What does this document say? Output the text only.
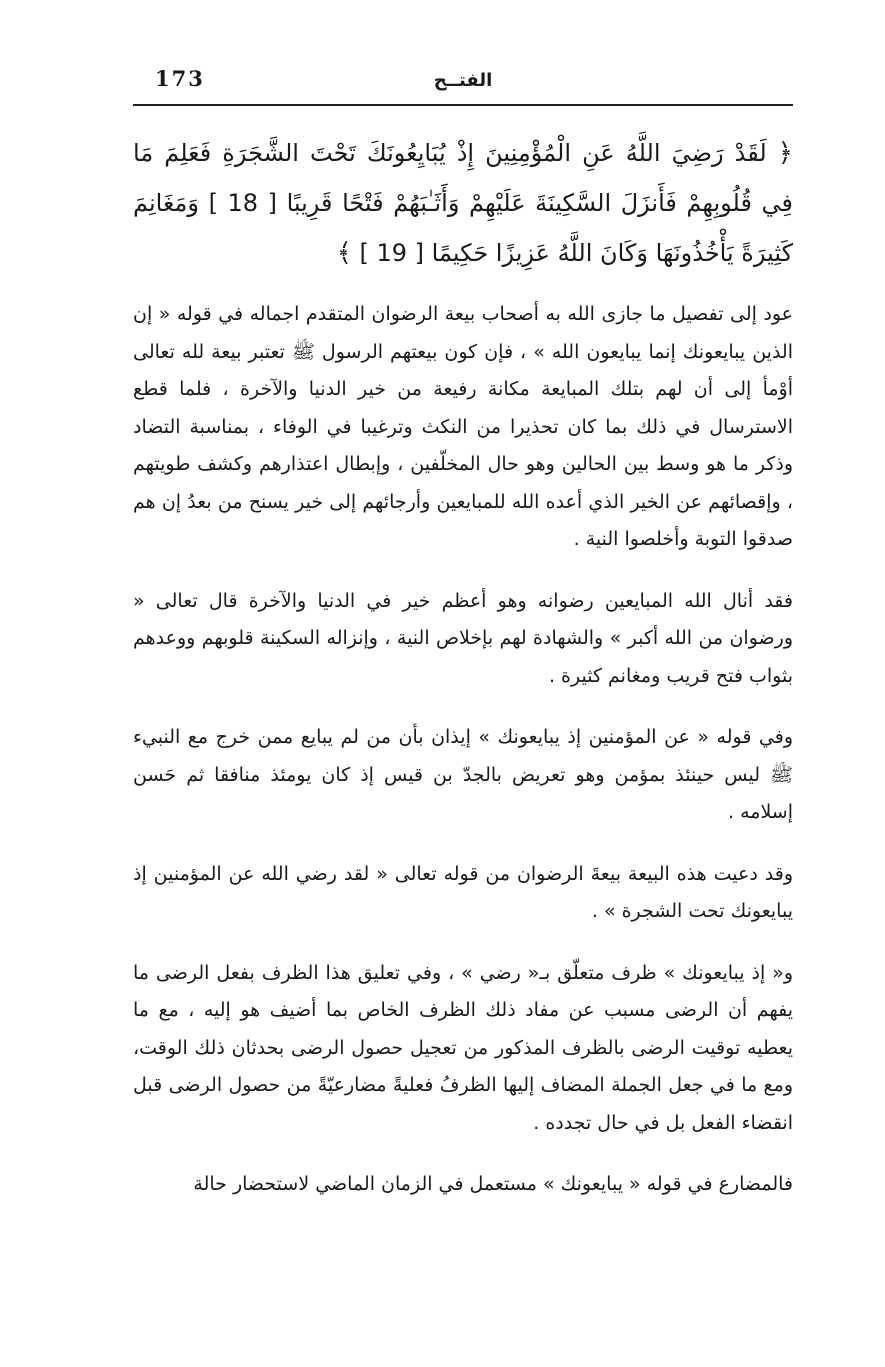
173	الفتــح

﴿ لَقَدْ رَضِيَ اللَّهُ عَنِ الْمُؤْمِنِينَ إِذْ يُبَايِعُونَكَ تَحْتَ الشَّجَرَةِ فَعَلِمَ مَا فِي قُلُوبِهِمْ فَأَنزَلَ السَّكِينَةَ عَلَيْهِمْ وَأَثَـٰبَهُمْ فَتْحًا قَرِيبًا [ 18 ] وَمَغَانِمَ كَثِيرَةً يَأْخُذُونَهَا وَكَانَ اللَّهُ عَزِيزًا حَكِيمًا [ 19 ] ﴾

عود إلى تفصيل ما جازى الله به أصحاب بيعة الرضوان المتقدم اجماله في قوله « إن الذين يبايعونك إنما يبايعون الله » ، فإن كون بيعتهم الرسول ﷺ تعتبر بيعة لله تعالى أوْمأ إلى أن لهم بتلك المبايعة مكانة رفيعة من خير الدنيا والآخرة ، فلما قطع الاسترسال في ذلك بما كان تحذيرا من النكث وترغيبا في الوفاء ، بمناسبة التضاد وذكر ما هو وسط بين الحالين وهو حال المخلّفين ، وإبطال اعتذارهم وكشف طويتهم ، وإقصائهم عن الخير الذي أعده الله للمبايعين وأرجائهم إلى خير يسنح من بعدُ إن هم صدقوا التوبة وأخلصوا النية .

فقد أنال الله المبايعين رضوانه وهو أعظم خير في الدنيا والآخرة قال تعالى « ورضوان من الله أكبر » والشهادة لهم بإخلاص النية ، وإنزاله السكينة قلوبهم ووعدهم بثواب فتح قريب ومغانم كثيرة .

وفي قوله « عن المؤمنين إذ يبايعونك » إيذان بأن من لم يبايع ممن خرج مع النبيء ﷺ ليس حينئذ بمؤمن وهو تعريض بالجدّ بن قيس إذ كان يومئذ منافقا ثم حَسن إسلامه .

وقد دعيت هذه البيعة بيعةَ الرضوان من قوله تعالى « لقد رضي الله عن المؤمنين إذ يبايعونك تحت الشجرة » .

و« إذ يبايعونك » ظرف متعلّق بـ« رضي » ، وفي تعليق هذا الظرف بفعل الرضى ما يفهم أن الرضى مسبب عن مفاد ذلك الظرف الخاص بما أضيف هو إليه ، مع ما يعطيه توقيت الرضى بالظرف المذكور من تعجيل حصول الرضى بحدثان ذلك الوقت، ومع ما في جعل الجملة المضاف إليها الظرفُ فعليةً مضارعيّةً من حصول الرضى قبل انقضاء الفعل بل في حال تجدده .

فالمضارع في قوله « يبايعونك » مستعمل في الزمان الماضي لاستحضار حالة
